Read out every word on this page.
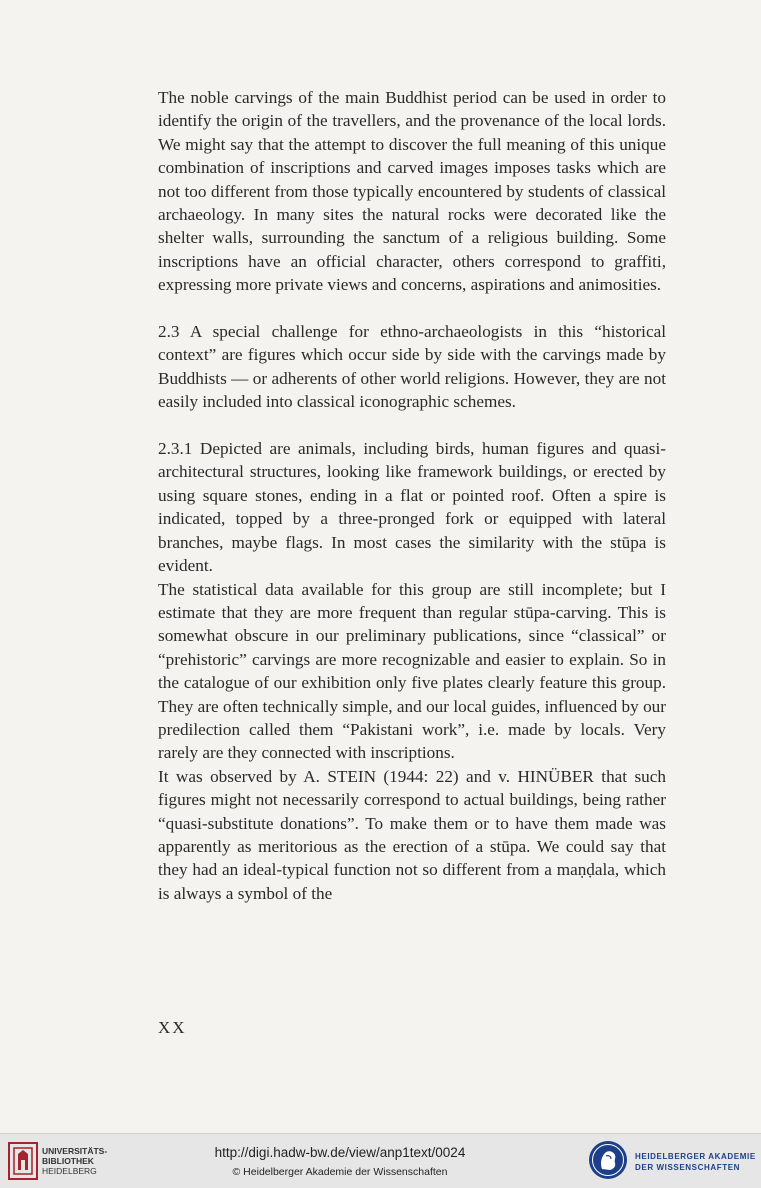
The noble carvings of the main Buddhist period can be used in order to identify the origin of the travellers, and the provenance of the local lords. We might say that the attempt to discover the full meaning of this unique combination of inscriptions and carved images imposes tasks which are not too different from those typically encountered by students of classical archaeology. In many sites the natural rocks were decorated like the shelter walls, surrounding the sanctum of a religious building. Some inscriptions have an official character, others correspond to graffiti, expressing more private views and concerns, aspirations and animosities.

2.3 A special challenge for ethno-archaeologists in this “historical context” are figures which occur side by side with the carvings made by Buddhists — or adherents of other world religions. However, they are not easily included into classical iconographic schemes.

2.3.1 Depicted are animals, including birds, human figures and quasi-architectural structures, looking like framework buildings, or erected by using square stones, ending in a flat or pointed roof. Often a spire is indicated, topped by a three-pronged fork or equipped with lateral branches, maybe flags. In most cases the similarity with the stūpa is evident.

The statistical data available for this group are still incomplete; but I estimate that they are more frequent than regular stūpa-carving. This is somewhat obscure in our preliminary publications, since “classical” or “prehistoric” carvings are more recognizable and easier to explain. So in the catalogue of our exhibition only five plates clearly feature this group. They are often technically simple, and our local guides, influenced by our predilection called them “Pakistani work”, i.e. made by locals. Very rarely are they connected with inscriptions.

It was observed by A. STEIN (1944: 22) and v. HINÜBER that such figures might not necessarily correspond to actual buildings, being rather “quasi-substitute donations”. To make them or to have them made was apparently as meritorious as the erection of a stūpa. We could say that they had an ideal-typical function not so different from a maṇḍala, which is always a symbol of the

XX
UNIVERSITÄTS-
BIBLIOTHEK
HEIDELBERG
http://digi.hadw-bw.de/view/anp1text/0024
© Heidelberger Akademie der Wissenschaften
HEIDELBERGER AKADEMIE
DER WISSENSCHAFTEN
